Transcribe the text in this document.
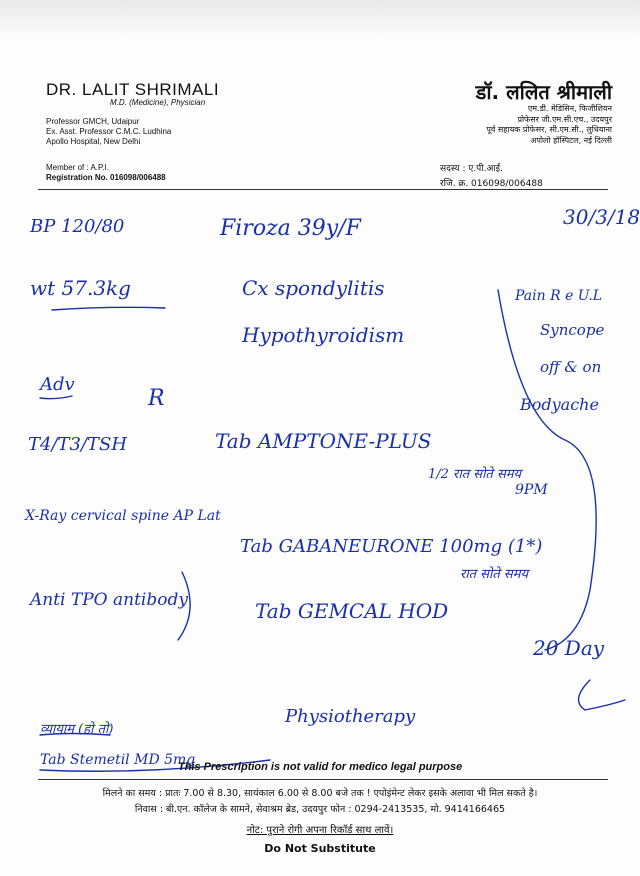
DR. LALIT SHRIMALI
M.D. (Medicine), Physician
Professor GMCH, Udaipur
Ex. Asst. Professor C.M.C. Ludhina
Apollo Hospital, New Delhi
Member of : A.P.I.
Registration No. 016098/006488
डॉ. ललित श्रीमाली
एम.डी. मेडिसिन, फिजीशियन
प्रोफेसर जी.एम.सी.एच., उदयपुर
पूर्व सहायक प्रोफेसर, सी.एम.सी., लुधियाना
अपोलो हॉस्पिटल, नई दिल्ली
सदस्य : ए.पी.आई.
रजि. क्र. 016098/006488
30/3/18
Firoza 39y/F
BP 120/80
wt 57.3kg	Cx spondylitis
Hypothyroidism
Adv
R
T4/T3/TSH
X-Ray cervical spine AP Lat
Anti TPO antibody
Pain R e U.L
Syncope
off & on
Bodyache
Tab AMPTONE-PLUS
1/2 रात सोते समय
9PM
Tab GABANEURONE 100mg (1*)
रात सोते समय
Tab GEMCAL HOD
20 Day
Physiotherapy
व्यायाम (हो तो)
Tab Stemetil MD 5mg
This Prescription is not valid for medico legal purpose
मिलने का समय : प्रातः 7.00 से 8.30, सायंकाल 6.00 से 8.00 बजे तक ! एपोइंमेन्ट लेकर इसके अलावा भी मिल सकते है।
निवास : बी.एन. कॉलेज के सामने, सेवाश्रम ब्रेड, उदयपुर फोन : 0294-2413535, मो. 9414166465
नोट: पुराने रोगी अपना रिकॉर्ड साथ लावें।
Do Not Substitute
